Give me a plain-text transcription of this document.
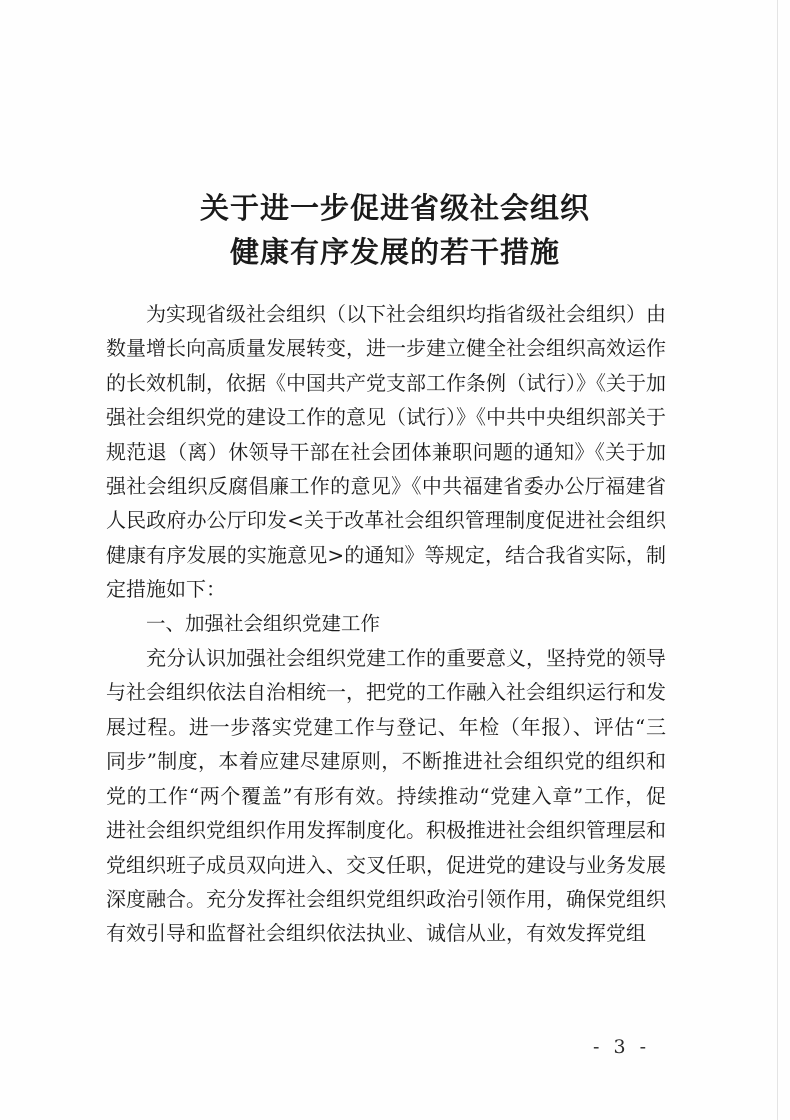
关于进一步促进省级社会组织
健康有序发展的若干措施

为实现省级社会组织（以下社会组织均指省级社会组织）由数量增长向高质量发展转变，进一步建立健全社会组织高效运作的长效机制，依据《中国共产党支部工作条例（试行）》《关于加强社会组织党的建设工作的意见（试行）》《中共中央组织部关于规范退（离）休领导干部在社会团体兼职问题的通知》《关于加强社会组织反腐倡廉工作的意见》《中共福建省委办公厅福建省人民政府办公厅印发<关于改革社会组织管理制度促进社会组织健康有序发展的实施意见>的通知》等规定，结合我省实际，制定措施如下：

一、加强社会组织党建工作

充分认识加强社会组织党建工作的重要意义，坚持党的领导与社会组织依法自治相统一，把党的工作融入社会组织运行和发展过程。进一步落实党建工作与登记、年检（年报）、评估“三同步”制度，本着应建尽建原则，不断推进社会组织党的组织和党的工作“两个覆盖”有形有效。持续推动“党建入章”工作，促进社会组织党组织作用发挥制度化。积极推进社会组织管理层和党组织班子成员双向进入、交叉任职，促进党的建设与业务发展深度融合。充分发挥社会组织党组织政治引领作用，确保党组织有效引导和监督社会组织依法执业、诚信从业，有效发挥党组

- 3 -
